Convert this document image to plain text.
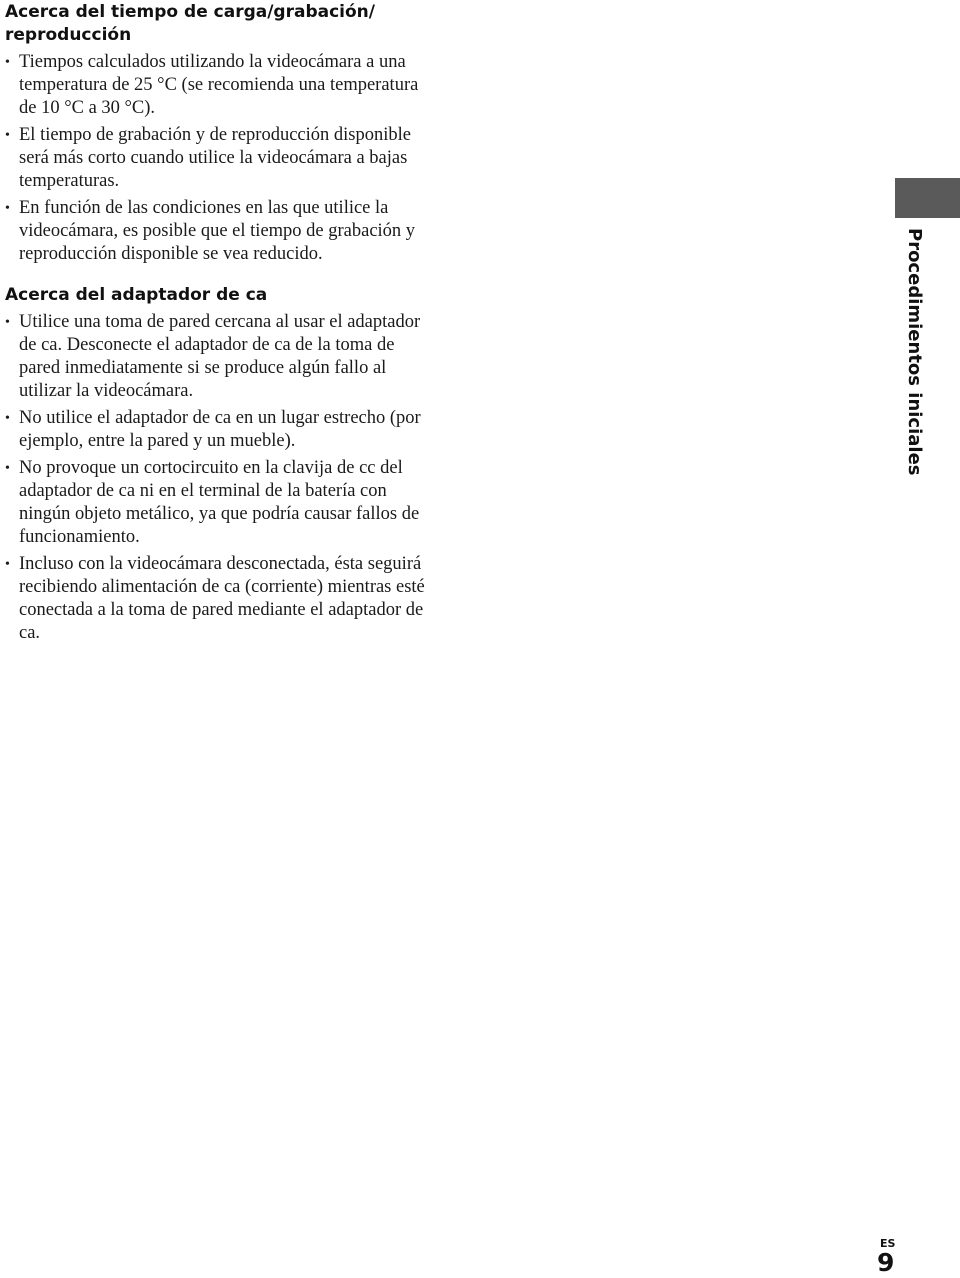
Acerca del tiempo de carga/grabación/ reproducción
• Tiempos calculados utilizando la videocámara a una temperatura de 25 °C (se recomienda una temperatura de 10 °C a 30 °C).
• El tiempo de grabación y de reproducción disponible será más corto cuando utilice la videocámara a bajas temperaturas.
• En función de las condiciones en las que utilice la videocámara, es posible que el tiempo de grabación y reproducción disponible se vea reducido.
Acerca del adaptador de ca
• Utilice una toma de pared cercana al usar el adaptador de ca. Desconecte el adaptador de ca de la toma de pared inmediatamente si se produce algún fallo al utilizar la videocámara.
• No utilice el adaptador de ca en un lugar estrecho (por ejemplo, entre la pared y un mueble).
• No provoque un cortocircuito en la clavija de cc del adaptador de ca ni en el terminal de la batería con ningún objeto metálico, ya que podría causar fallos de funcionamiento.
• Incluso con la videocámara desconectada, ésta seguirá recibiendo alimentación de ca (corriente) mientras esté conectada a la toma de pared mediante el adaptador de ca.
Procedimientos iniciales
ES
9
